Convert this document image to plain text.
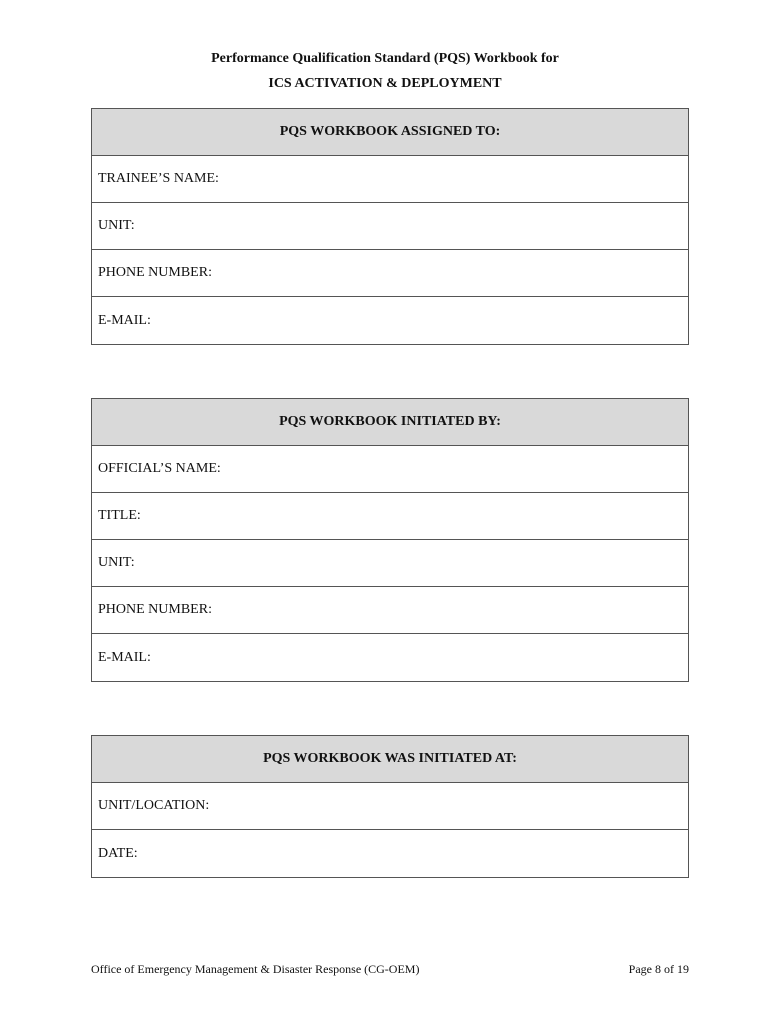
Performance Qualification Standard (PQS) Workbook for
ICS ACTIVATION & DEPLOYMENT
PQS WORKBOOK ASSIGNED TO:
TRAINEE’S NAME:
UNIT:
PHONE NUMBER:
E-MAIL:
PQS WORKBOOK INITIATED BY:
OFFICIAL’S NAME:
TITLE:
UNIT:
PHONE NUMBER:
E-MAIL:
PQS WORKBOOK WAS INITIATED AT:
UNIT/LOCATION:
DATE:
Office of Emergency Management & Disaster Response (CG-OEM)	Page 8 of 19
